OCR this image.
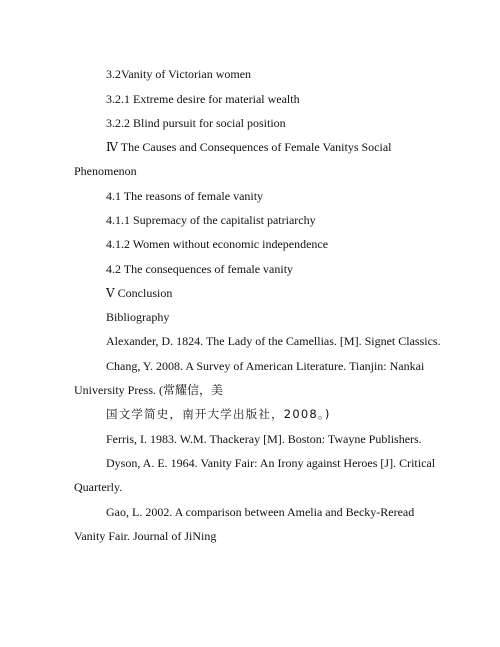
3.2Vanity of Victorian women
3.2.1 Extreme desire for material wealth
3.2.2 Blind pursuit for social position
Ⅳ The Causes and Consequences of Female Vanitys Social
Phenomenon
4.1 The reasons of female vanity
4.1.1 Supremacy of the capitalist patriarchy
4.1.2 Women without economic independence
4.2 The consequences of female vanity
Ⅴ Conclusion
Bibliography
Alexander, D. 1824. The Lady of the Camellias. [M]. Signet Classics.
Chang, Y. 2008. A Survey of American Literature. Tianjin: Nankai
University Press. (常耀信，美
国文学简史，南开大学出版社，2008。)
Ferris, I. 1983. W.M. Thackeray [M]. Boston: Twayne Publishers.
Dyson, A. E. 1964. Vanity Fair: An Irony against Heroes [J]. Critical
Quarterly.
Gao, L. 2002. A comparison between Amelia and Becky-Reread
Vanity Fair. Journal of JiNing
